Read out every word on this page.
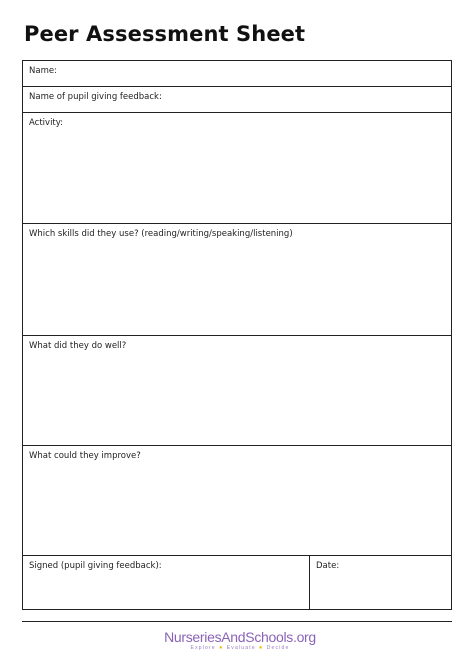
Peer Assessment Sheet
Name:
Name of pupil giving feedback:
Activity:
Which skills did they use? (reading/writing/speaking/listening)
What did they do well?
What could they improve?
Signed (pupil giving feedback):	Date:
NurseriesAndSchools.org
Explore ★ Evaluate ★ Decide
